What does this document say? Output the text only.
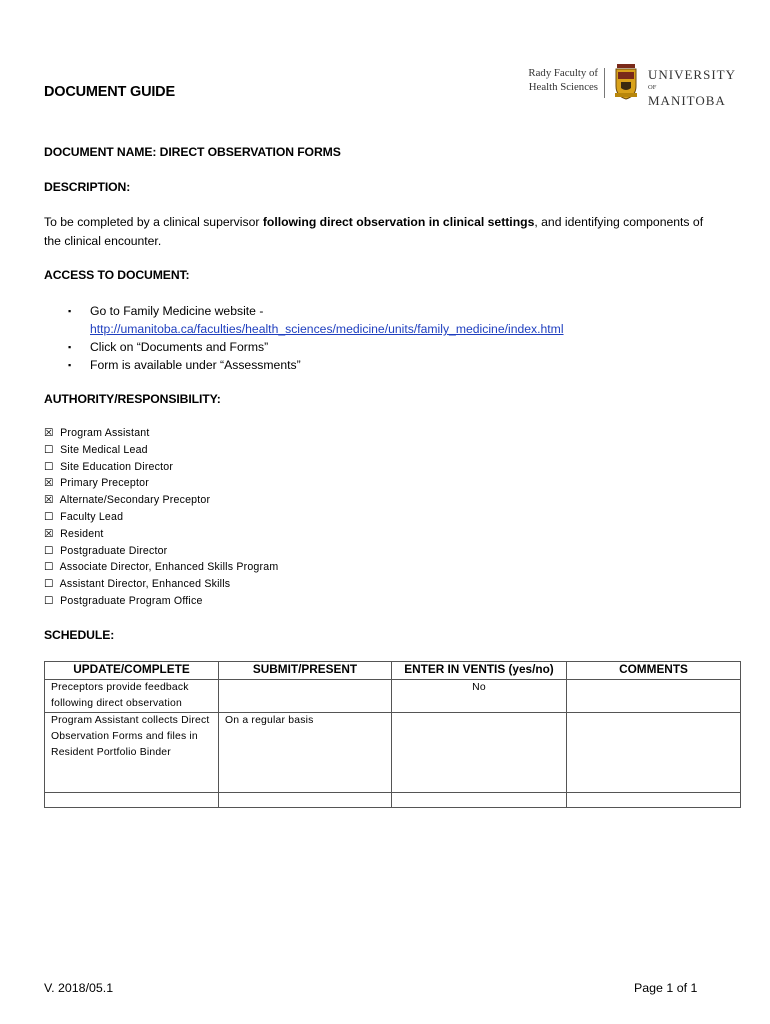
DOCUMENT GUIDE
Rady Faculty of
Health Sciences
UNIVERSITY
OF MANITOBA
DOCUMENT NAME: DIRECT OBSERVATION FORMS
DESCRIPTION:
To be completed by a clinical supervisor following direct observation in clinical settings, and identifying components of the clinical encounter.
ACCESS TO DOCUMENT:
▪ Go to Family Medicine website -
http://umanitoba.ca/faculties/health_sciences/medicine/units/family_medicine/index.html
▪ Click on “Documents and Forms”
▪ Form is available under “Assessments”
AUTHORITY/RESPONSIBILITY:
☒ Program Assistant
☐ Site Medical Lead
☐ Site Education Director
☒ Primary Preceptor
☒ Alternate/Secondary Preceptor
☐ Faculty Lead
☒ Resident
☐ Postgraduate Director
☐ Associate Director, Enhanced Skills Program
☐ Assistant Director, Enhanced Skills
☐ Postgraduate Program Office
SCHEDULE:
UPDATE/COMPLETE	SUBMIT/PRESENT	ENTER IN VENTIS (yes/no)	COMMENTS
Preceptors provide feedback following direct observation		No	
Program Assistant collects Direct Observation Forms and files in Resident Portfolio Binder	On a regular basis		

V. 2018/05.1	Page 1 of 1
